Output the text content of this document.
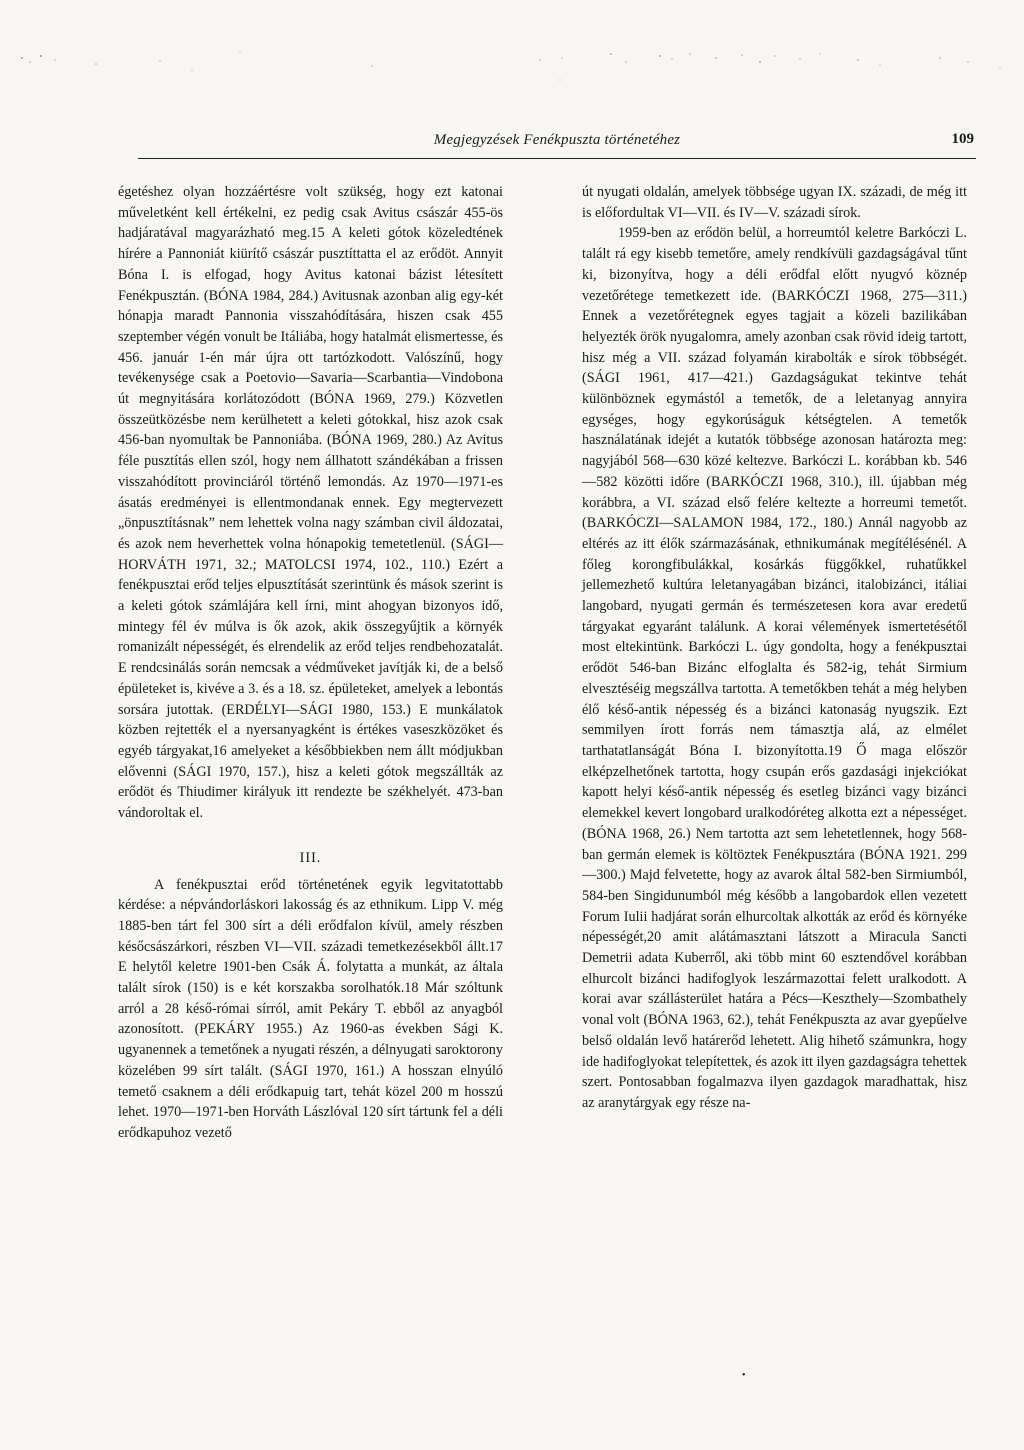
Megjegyzések Fenékpuszta történetéhez	109

égetéshez olyan hozzáértésre volt szükség, hogy ezt katonai műveletként kell értékelni, ez pedig csak Avitus császár 455-ös hadjáratával magyarázható meg.15 A keleti gótok közeledtének hírére a Pannoniát kiürítő császár pusztíttatta el az erődöt. Annyit Bóna I. is elfogad, hogy Avitus katonai bázist létesített Fenékpusztán. (BÓNA 1984, 284.) Avitusnak azonban alig egy-két hónapja maradt Pannonia visszahódítására, hiszen csak 455 szeptember végén vonult be Itáliába, hogy hatalmát elismertesse, és 456. január 1-én már újra ott tartózkodott. Valószínű, hogy tevékenysége csak a Poetovio—Savaria—Scarbantia—Vindobona út megnyitására korlátozódott (BÓNA 1969, 279.) Közvetlen összeütközésbe nem kerülhetett a keleti gótokkal, hisz azok csak 456-ban nyomultak be Pannoniába. (BÓNA 1969, 280.) Az Avitus féle pusztítás ellen szól, hogy nem állhatott szándékában a frissen visszahódított provinciáról történő lemondás. Az 1970—1971-es ásatás eredményei is ellentmondanak ennek. Egy megtervezett „önpusztításnak” nem lehettek volna nagy számban civil áldozatai, és azok nem heverhettek volna hónapokig temetetlenül. (SÁGI—HORVÁTH 1971, 32.; MATOLCSI 1974, 102., 110.) Ezért a fenékpusztai erőd teljes elpusztítását szerintünk és mások szerint is a keleti gótok számlájára kell írni, mint ahogyan bizonyos idő, mintegy fél év múlva is ők azok, akik összegyűjtik a környék romanizált népességét, és elrendelik az erőd teljes rendbehozatalát. E rendcsinálás során nemcsak a védműveket javítják ki, de a belső épületeket is, kivéve a 3. és a 18. sz. épületeket, amelyek a lebontás sorsára jutottak. (ERDÉLYI—SÁGI 1980, 153.) E munkálatok közben rejtették el a nyersanyagként is értékes vaseszközöket és egyéb tárgyakat,16 amelyeket a későbbiekben nem állt módjukban elővenni (SÁGI 1970, 157.), hisz a keleti gótok megszállták az erődöt és Thiudimer királyuk itt rendezte be székhelyét. 473-ban vándoroltak el.

III.

A fenékpusztai erőd történetének egyik legvitatottabb kérdése: a népvándorláskori lakosság és az ethnikum. Lipp V. még 1885-ben tárt fel 300 sírt a déli erődfalon kívül, amely részben későcsászárkori, részben VI—VII. századi temetkezésekből állt.17 E helytől keletre 1901-ben Csák Á. folytatta a munkát, az általa talált sírok (150) is e két korszakba sorolhatók.18 Már szóltunk arról a 28 késő-római sírról, amit Pekáry T. ebből az anyagból azonosított. (PEKÁRY 1955.) Az 1960-as években Sági K. ugyanennek a temetőnek a nyugati részén, a délnyugati saroktorony közelében 99 sírt talált. (SÁGI 1970, 161.) A hosszan elnyúló temető csaknem a déli erődkapuig tart, tehát közel 200 m hosszú lehet. 1970—1971-ben Horváth Lászlóval 120 sírt tártunk fel a déli erődkapuhoz vezető

út nyugati oldalán, amelyek többsége ugyan IX. századi, de még itt is előfordultak VI—VII. és IV—V. századi sírok.

1959-ben az erődön belül, a horreumtól keletre Barkóczi L. talált rá egy kisebb temetőre, amely rendkívüli gazdagságával tűnt ki, bizonyítva, hogy a déli erődfal előtt nyugvó köznép vezetőrétege temetkezett ide. (BARKÓCZI 1968, 275—311.) Ennek a vezetőrétegnek egyes tagjait a közeli bazilikában helyezték örök nyugalomra, amely azonban csak rövid ideig tartott, hisz még a VII. század folyamán kirabolták e sírok többségét. (SÁGI 1961, 417—421.) Gazdagságukat tekintve tehát különböznek egymástól a temetők, de a leletanyag annyira egységes, hogy egykorúságuk kétségtelen. A temetők használatának idejét a kutatók többsége azonosan határozta meg: nagyjából 568—630 közé keltezve. Barkóczi L. korábban kb. 546—582 közötti időre (BARKÓCZI 1968, 310.), ill. újabban még korábbra, a VI. század első felére keltezte a horreumi temetőt. (BARKÓCZI—SALAMON 1984, 172., 180.) Annál nagyobb az eltérés az itt élők származásának, ethnikumának megítélésénél. A főleg korongfibulákkal, kosárkás függőkkel, ruhatűkkel jellemezhető kultúra leletanyagában bizánci, italobizánci, itáliai langobard, nyugati germán és természetesen kora avar eredetű tárgyakat egyaránt találunk. A korai vélemények ismertetésétől most eltekintünk. Barkóczi L. úgy gondolta, hogy a fenékpusztai erődöt 546-ban Bizánc elfoglalta és 582-ig, tehát Sirmium elvesztéséig megszállva tartotta. A temetőkben tehát a még helyben élő késő-antik népesség és a bizánci katonaság nyugszik. Ezt semmilyen írott forrás nem támasztja alá, az elmélet tarthatatlanságát Bóna I. bizonyította.19 Ő maga először elképzelhetőnek tartotta, hogy csupán erős gazdasági injekciókat kapott helyi késő-antik népesség és esetleg bizánci vagy bizánci elemekkel kevert longobard uralkodóréteg alkotta ezt a népességet. (BÓNA 1968, 26.) Nem tartotta azt sem lehetetlennek, hogy 568-ban germán elemek is költöztek Fenékpusztára (BÓNA 1921. 299—300.) Majd felvetette, hogy az avarok által 582-ben Sirmiumból, 584-ben Singidunumból még később a langobardok ellen vezetett Forum Iulii hadjárat során elhurcoltak alkották az erőd és környéke népességét,20 amit alátámasztani látszott a Miracula Sancti Demetrii adata Kuberről, aki több mint 60 esztendővel korábban elhurcolt bizánci hadifoglyok leszármazottai felett uralkodott. A korai avar szállásterület határa a Pécs—Keszthely—Szombathely vonal volt (BÓNA 1963, 62.), tehát Fenékpuszta az avar gyepűelve belső oldalán levő határerőd lehetett. Alig hihető számunkra, hogy ide hadifoglyokat telepítettek, és azok itt ilyen gazdagságra tehettek szert. Pontosabban fogalmazva ilyen gazdagok maradhattak, hisz az aranytárgyak egy része na-

•
